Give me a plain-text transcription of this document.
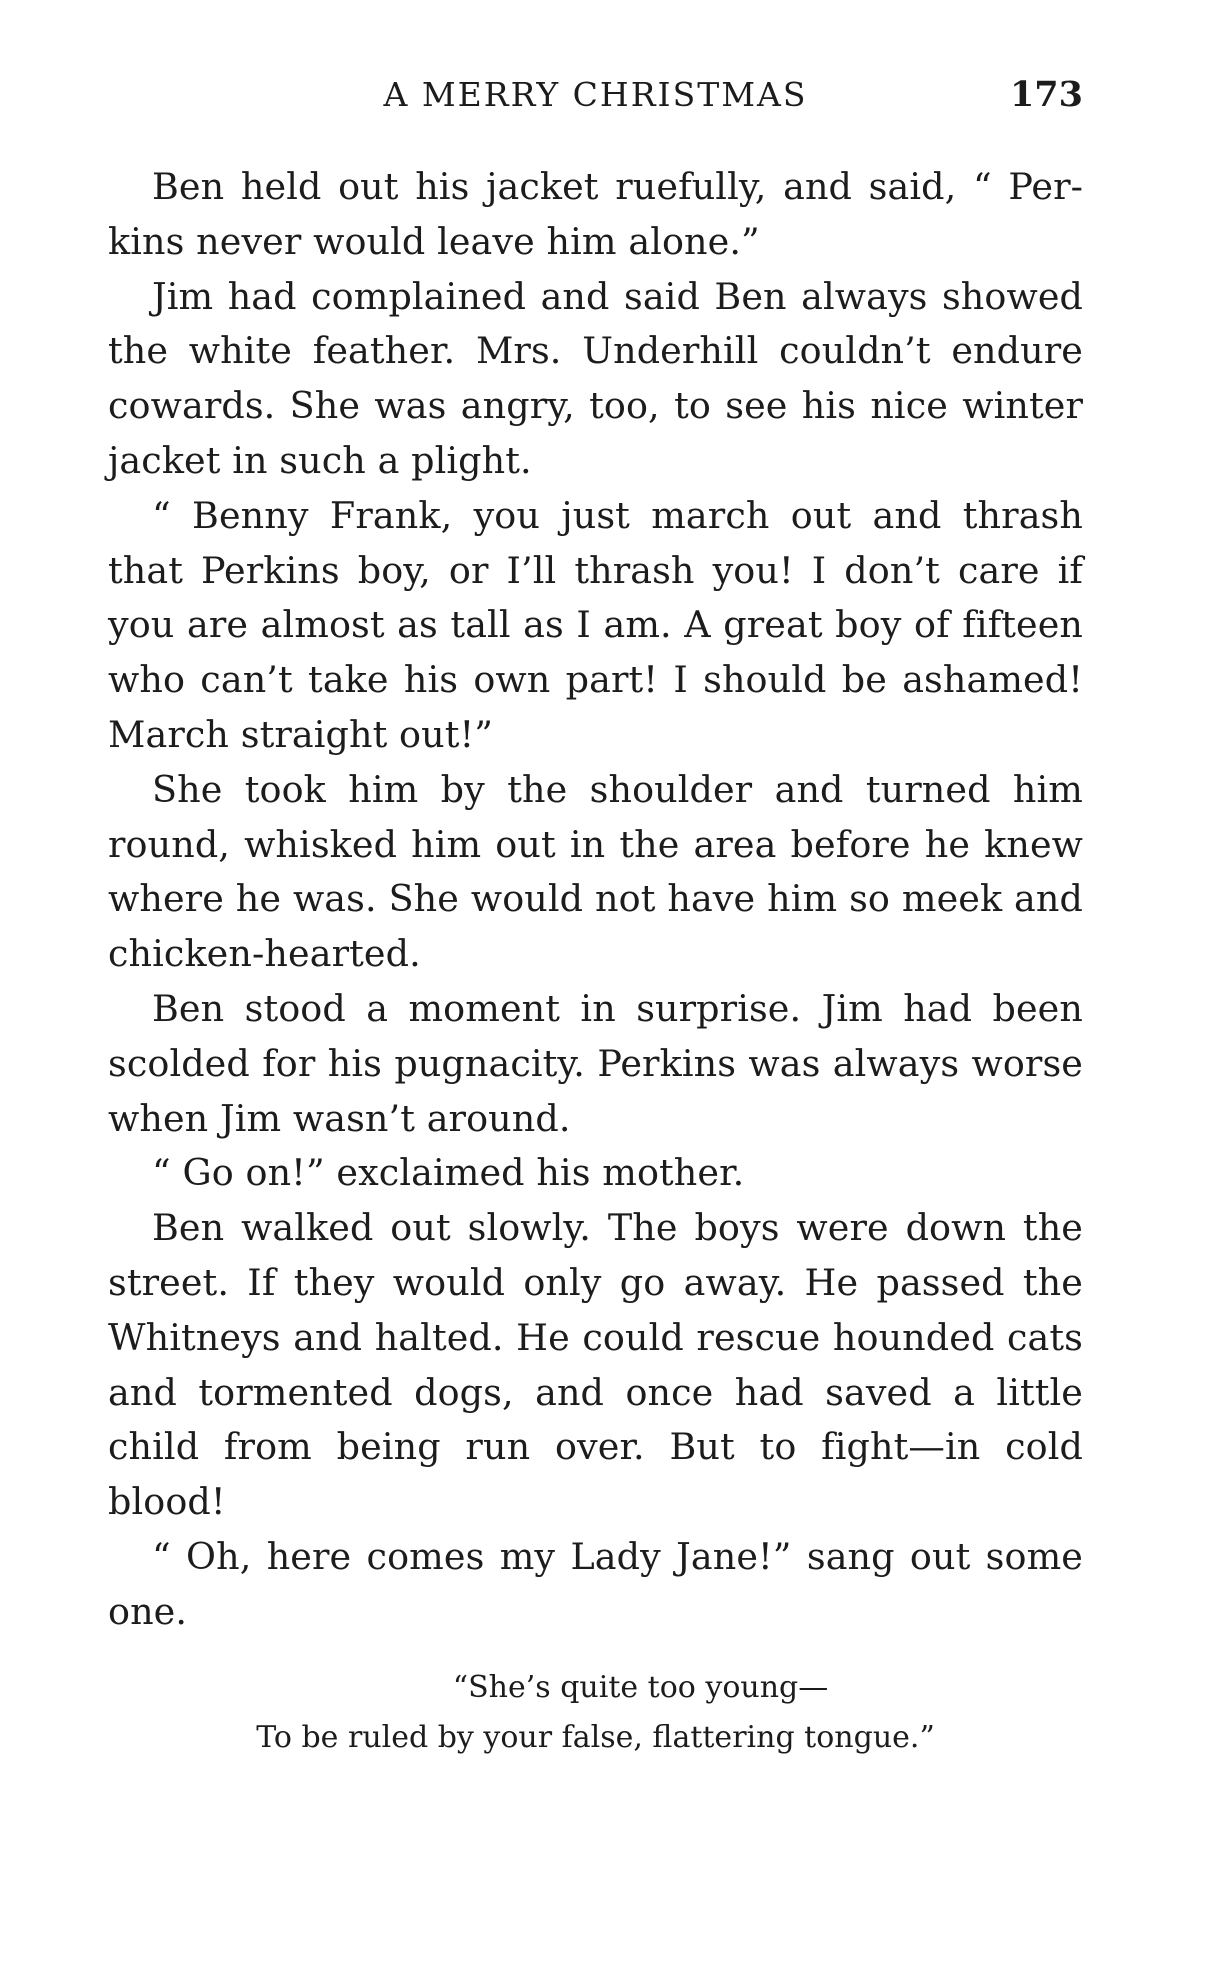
A MERRY CHRISTMAS	173

Ben held out his jacket ruefully, and said, “ Perkins never would leave him alone.”

Jim had complained and said Ben always showed the white feather. Mrs. Underhill couldn’t endure cowards. She was angry, too, to see his nice winter jacket in such a plight.

“ Benny Frank, you just march out and thrash that Perkins boy, or I’ll thrash you! I don’t care if you are almost as tall as I am. A great boy of fifteen who can’t take his own part! I should be ashamed! March straight out!”

She took him by the shoulder and turned him round, whisked him out in the area before he knew where he was. She would not have him so meek and chicken-hearted.

Ben stood a moment in surprise. Jim had been scolded for his pugnacity. Perkins was always worse when Jim wasn’t around.

“ Go on!” exclaimed his mother.

Ben walked out slowly. The boys were down the street. If they would only go away. He passed the Whitneys and halted. He could rescue hounded cats and tormented dogs, and once had saved a little child from being run over. But to fight—in cold blood!

“ Oh, here comes my Lady Jane!” sang out some one.

“She’s quite too young—
To be ruled by your false, flattering tongue.”
